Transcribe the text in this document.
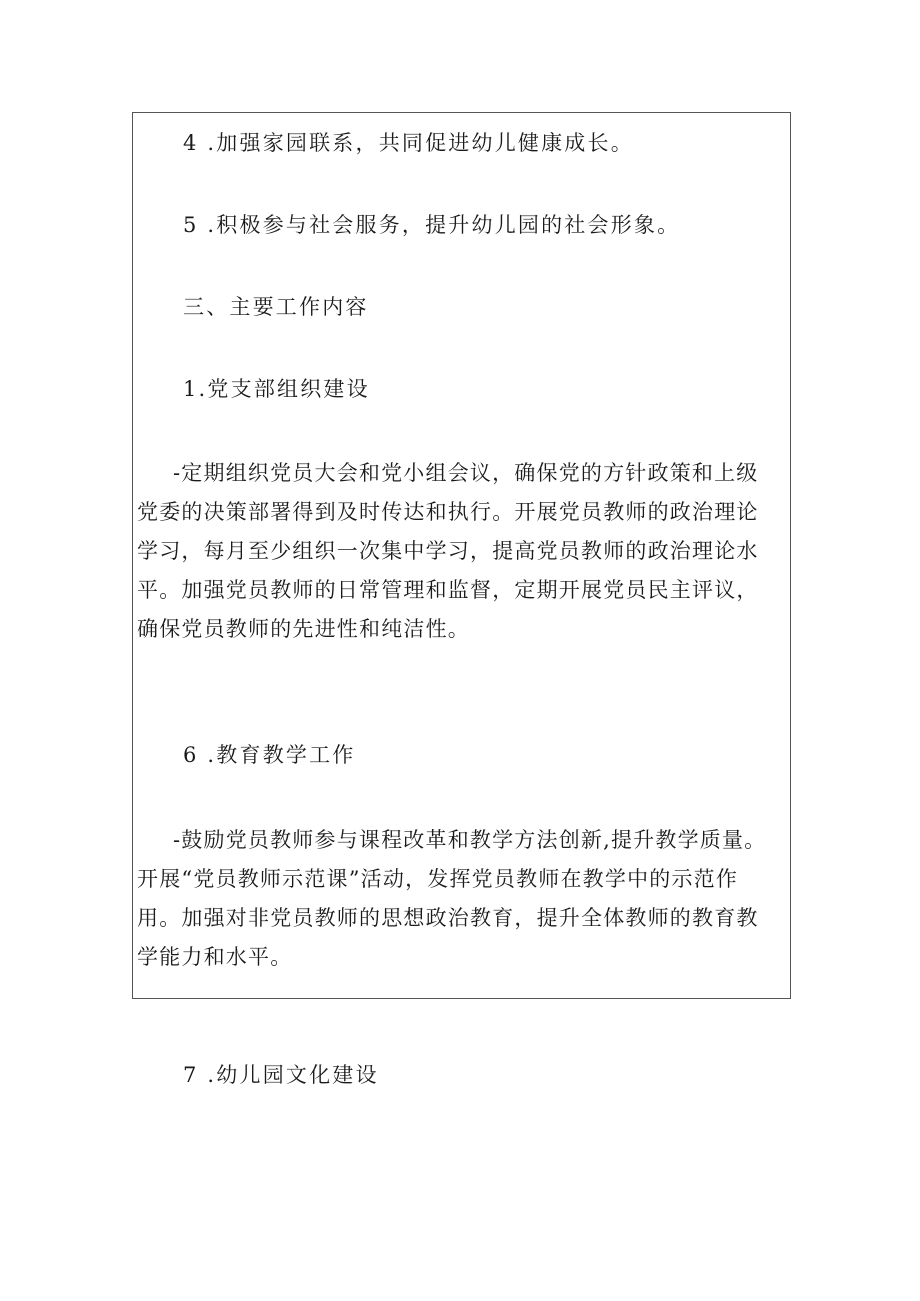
4 .加强家园联系，共同促进幼儿健康成长。
5 .积极参与社会服务，提升幼儿园的社会形象。
三、主要工作内容
1.党支部组织建设
-定期组织党员大会和党小组会议，确保党的方针政策和上级
党委的决策部署得到及时传达和执行。开展党员教师的政治理论
学习，每月至少组织一次集中学习，提高党员教师的政治理论水
平。加强党员教师的日常管理和监督，定期开展党员民主评议，
确保党员教师的先进性和纯洁性。
6 .教育教学工作
-鼓励党员教师参与课程改革和教学方法创新,提升教学质量。
开展“党员教师示范课”活动，发挥党员教师在教学中的示范作
用。加强对非党员教师的思想政治教育，提升全体教师的教育教
学能力和水平。
7 .幼儿园文化建设
